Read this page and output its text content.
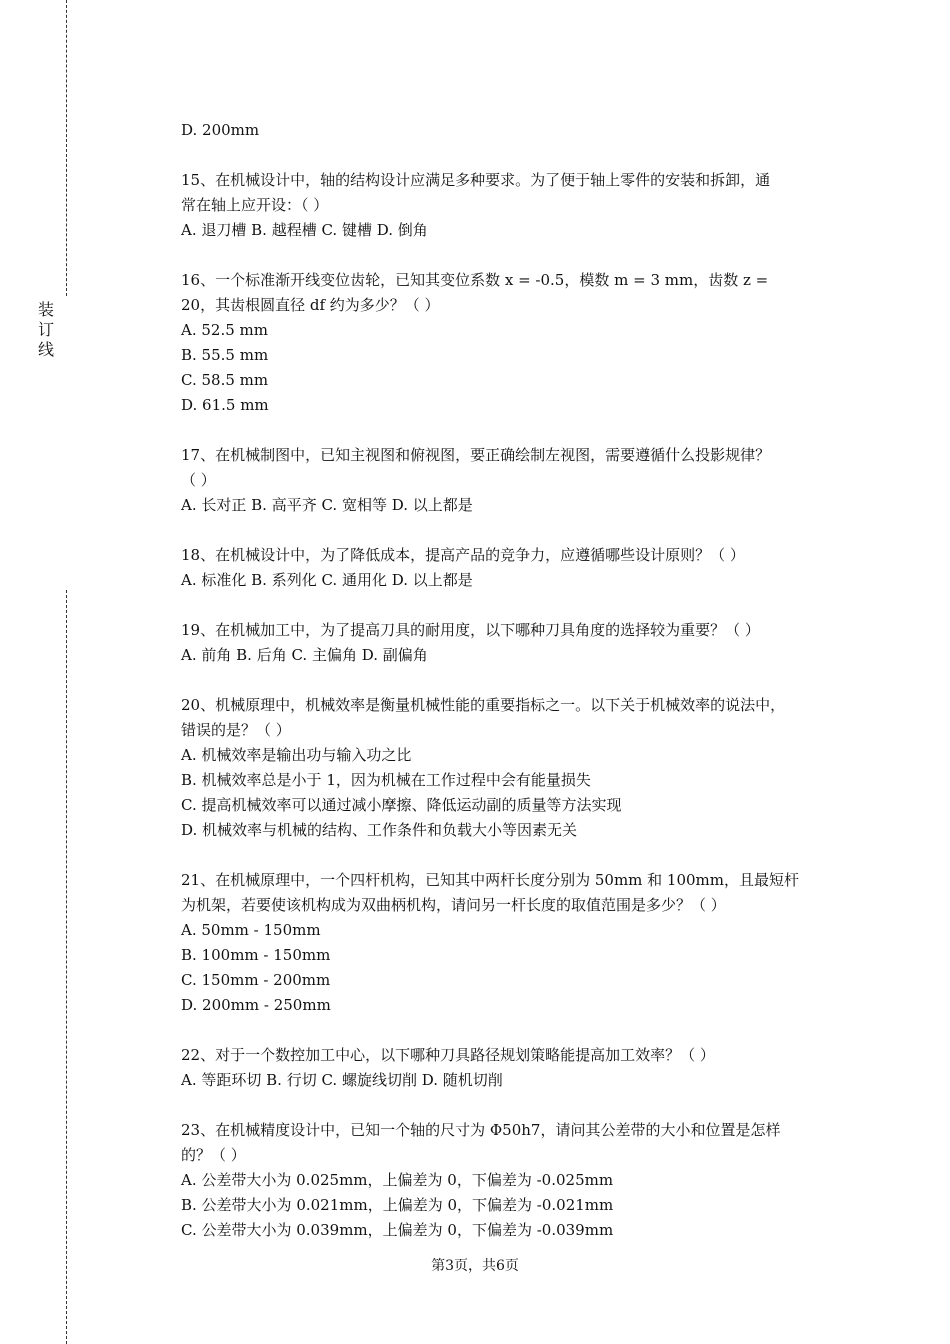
装订线
D. 200mm
15、在机械设计中，轴的结构设计应满足多种要求。为了便于轴上零件的安装和拆卸，通
常在轴上应开设：（ ）
A. 退刀槽 B. 越程槽 C. 键槽 D. 倒角
16、一个标准渐开线变位齿轮，已知其变位系数 x = -0.5，模数 m = 3 mm，齿数 z =
20，其齿根圆直径 df 约为多少？（ ）
A. 52.5 mm
B. 55.5 mm
C. 58.5 mm
D. 61.5 mm
17、在机械制图中，已知主视图和俯视图，要正确绘制左视图，需要遵循什么投影规律？
（ ）
A. 长对正 B. 高平齐 C. 宽相等 D. 以上都是
18、在机械设计中，为了降低成本，提高产品的竞争力，应遵循哪些设计原则？（ ）
A. 标准化 B. 系列化 C. 通用化 D. 以上都是
19、在机械加工中，为了提高刀具的耐用度，以下哪种刀具角度的选择较为重要？（ ）
A. 前角 B. 后角 C. 主偏角 D. 副偏角
20、机械原理中，机械效率是衡量机械性能的重要指标之一。以下关于机械效率的说法中，
错误的是？（ ）
A. 机械效率是输出功与输入功之比
B. 机械效率总是小于 1，因为机械在工作过程中会有能量损失
C. 提高机械效率可以通过减小摩擦、降低运动副的质量等方法实现
D. 机械效率与机械的结构、工作条件和负载大小等因素无关
21、在机械原理中，一个四杆机构，已知其中两杆长度分别为 50mm 和 100mm，且最短杆
为机架，若要使该机构成为双曲柄机构，请问另一杆长度的取值范围是多少？（ ）
A. 50mm - 150mm
B. 100mm - 150mm
C. 150mm - 200mm
D. 200mm - 250mm
22、对于一个数控加工中心，以下哪种刀具路径规划策略能提高加工效率？（ ）
A. 等距环切 B. 行切 C. 螺旋线切削 D. 随机切削
23、在机械精度设计中，已知一个轴的尺寸为 Φ50h7，请问其公差带的大小和位置是怎样
的？（ ）
A. 公差带大小为 0.025mm，上偏差为 0，下偏差为 -0.025mm
B. 公差带大小为 0.021mm，上偏差为 0，下偏差为 -0.021mm
C. 公差带大小为 0.039mm，上偏差为 0，下偏差为 -0.039mm
第3页，共6页
